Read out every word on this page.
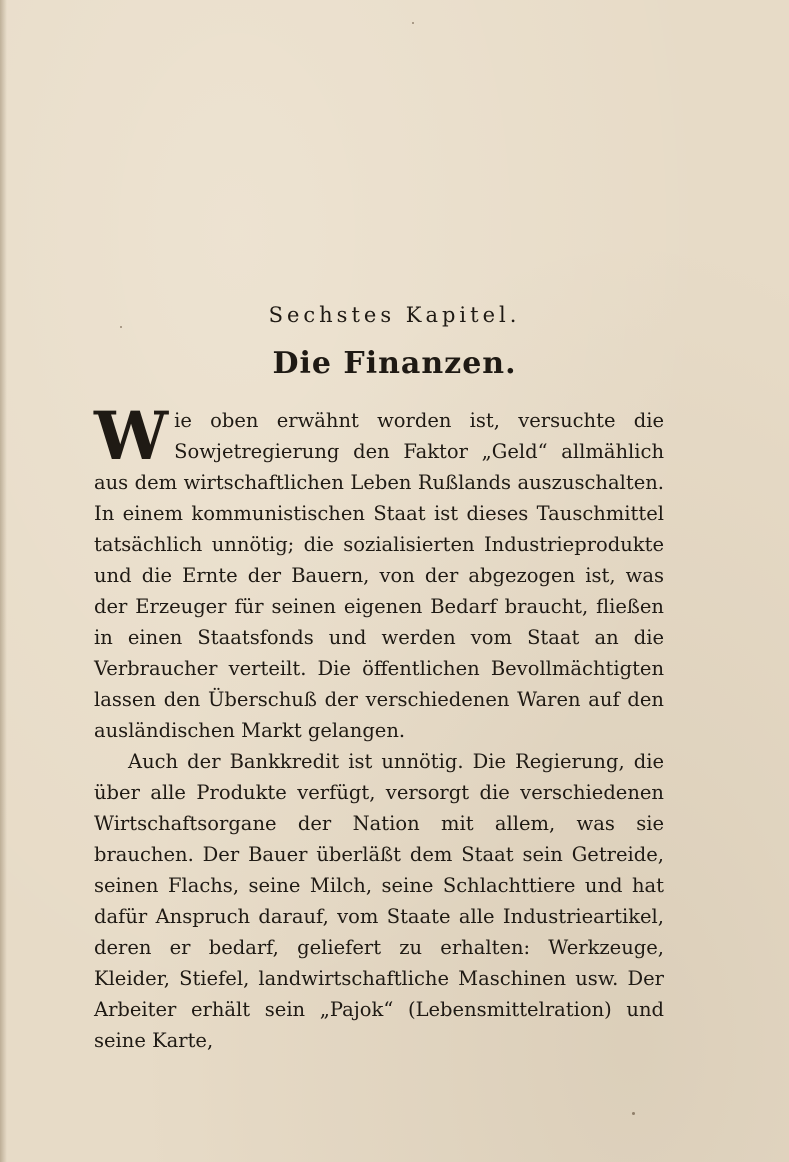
Sechstes Kapitel.
Die Finanzen.

Wie oben erwähnt worden ist, versuchte die Sowjetregierung den Faktor „Geld“ allmählich aus dem wirtschaftlichen Leben Rußlands auszuschalten. In einem kommunistischen Staat ist dieses Tauschmittel tatsächlich unnötig; die sozialisierten Industrieprodukte und die Ernte der Bauern, von der abgezogen ist, was der Erzeuger für seinen eigenen Bedarf braucht, fließen in einen Staatsfonds und werden vom Staat an die Verbraucher verteilt. Die öffentlichen Bevollmächtigten lassen den Überschuß der verschiedenen Waren auf den ausländischen Markt gelangen.

Auch der Bankkredit ist unnötig. Die Regierung, die über alle Produkte verfügt, versorgt die verschiedenen Wirtschaftsorgane der Nation mit allem, was sie brauchen. Der Bauer überläßt dem Staat sein Getreide, seinen Flachs, seine Milch, seine Schlachttiere und hat dafür Anspruch darauf, vom Staate alle Industrieartikel, deren er bedarf, geliefert zu erhalten: Werkzeuge, Kleider, Stiefel, landwirtschaftliche Maschinen usw. Der Arbeiter erhält sein „Pajok“ (Lebensmittelration) und seine Karte,
